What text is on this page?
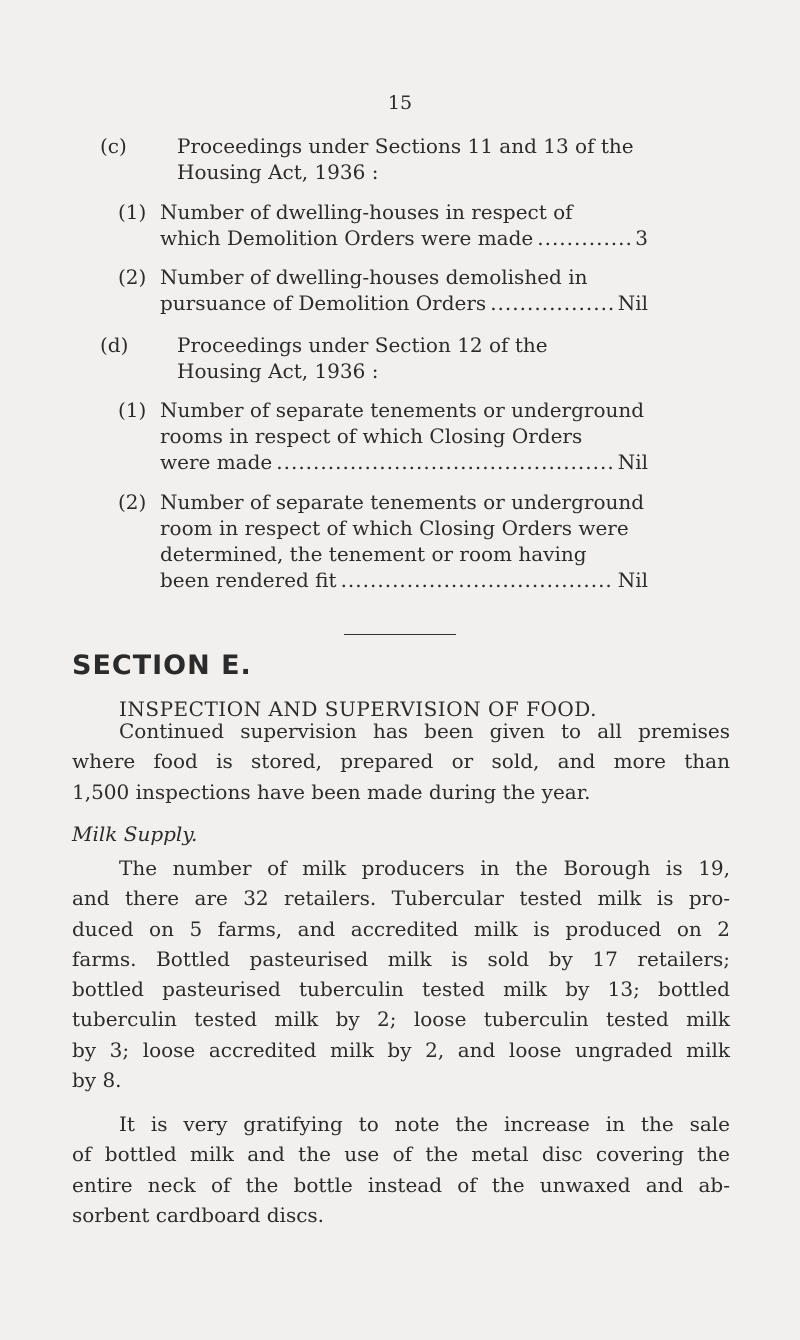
15
(c)	Proceedings under Sections 11 and 13 of the
Housing Act, 1936 :
(1) Number of dwelling-houses in respect of
which Demolition Orders were made .....	3
(2) Number of dwelling-houses demolished in
pursuance of Demolition Orders .....	Nil
(d) Proceedings under Section 12 of the
Housing Act, 1936 :
(1) Number of separate tenements or underground
rooms in respect of which Closing Orders
were made .....	Nil
(2) Number of separate tenements or underground
room in respect of which Closing Orders were
determined, the tenement or room having
been rendered fit .....	Nil
SECTION E.
INSPECTION AND SUPERVISION OF FOOD.
Continued supervision has been given to all premises
where food is stored, prepared or sold, and more than
1,500 inspections have been made during the year.
Milk Supply.
The number of milk producers in the Borough is 19,
and there are 32 retailers. Tubercular tested milk is pro-
duced on 5 farms, and accredited milk is produced on 2
farms. Bottled pasteurised milk is sold by 17 retailers;
bottled pasteurised tuberculin tested milk by 13; bottled
tuberculin tested milk by 2; loose tuberculin tested milk
by 3; loose accredited milk by 2, and loose ungraded milk
by 8.
It is very gratifying to note the increase in the sale
of bottled milk and the use of the metal disc covering the
entire neck of the bottle instead of the unwaxed and ab-
sorbent cardboard discs.
